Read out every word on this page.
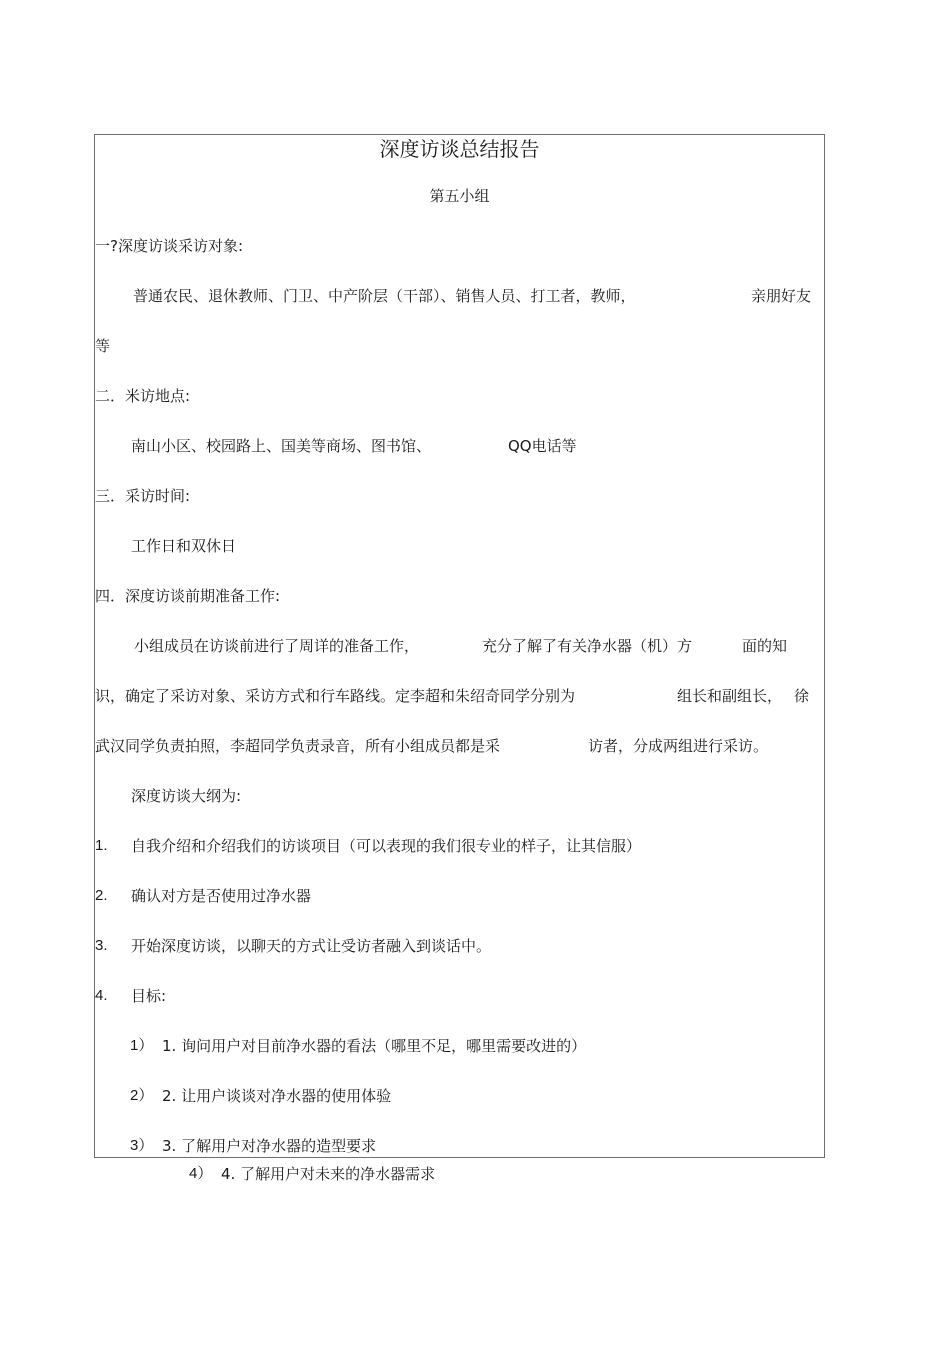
深度访谈总结报告
第五小组
一?深度访谈采访对象:
普通农民、退休教师、门卫、中产阶层（干部）、销售人员、打工者，教师，	亲朋好友
等
二．米访地点:
南山小区、校园路上、国美等商场、图书馆、	QQ电话等
三．采访时间:
工作日和双休日
四．深度访谈前期准备工作:
小组成员在访谈前进行了周详的准备工作，	充分了解了有关净水器（机）方	面的知
识，确定了采访对象、采访方式和行车路线。定李超和朱绍奇同学分别为	组长和副组长， 徐
武汉同学负责拍照，李超同学负责录音，所有小组成员都是采	访者，分成两组进行采访。
深度访谈大纲为:
1. 自我介绍和介绍我们的访谈项目（可以表现的我们很专业的样子，让其信服）
2. 确认对方是否使用过净水器
3. 开始深度访谈，以聊天的方式让受访者融入到谈话中。
4. 目标:
1） 1. 询问用户对目前净水器的看法（哪里不足，哪里需要改进的）
2） 2. 让用户谈谈对净水器的使用体验
3） 3. 了解用户对净水器的造型要求
4） 4. 了解用户对未来的净水器需求
